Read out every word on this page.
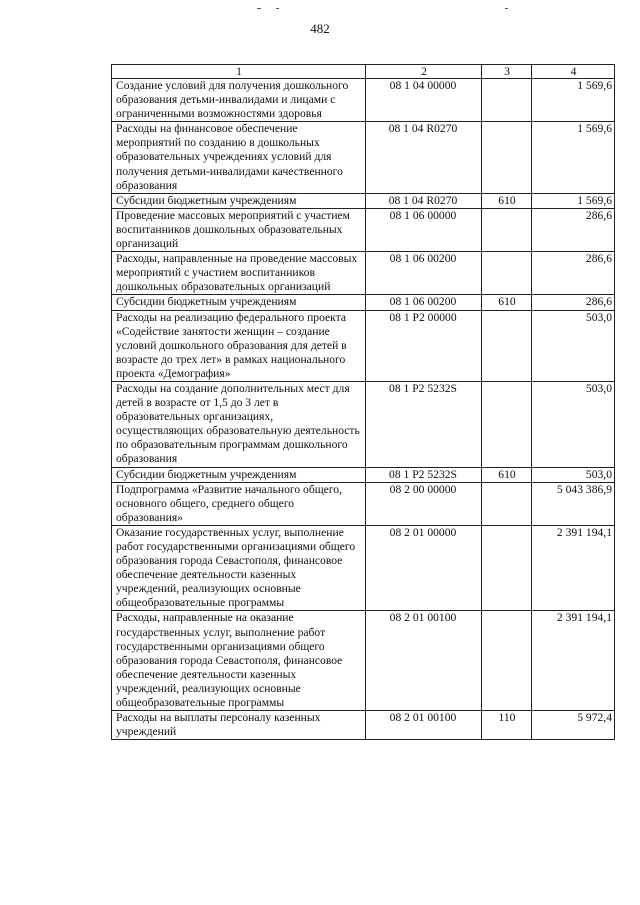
482
1	2	3	4
Создание условий для получения дошкольного образования детьми-инвалидами и лицами с ограниченными возможностями здоровья	08 1 04 00000		1 569,6
Расходы на финансовое обеспечение мероприятий по созданию в дошкольных образовательных учреждениях условий для получения детьми-инвалидами качественного образования	08 1 04 R0270		1 569,6
Субсидии бюджетным учреждениям	08 1 04 R0270	610	1 569,6
Проведение массовых мероприятий с участием воспитанников дошкольных образовательных организаций	08 1 06 00000		286,6
Расходы, направленные на проведение массовых мероприятий с участием воспитанников дошкольных образовательных организаций	08 1 06 00200		286,6
Субсидии бюджетным учреждениям	08 1 06 00200	610	286,6
Расходы на реализацию федерального проекта «Содействие занятости женщин – создание условий дошкольного образования для детей в возрасте до трех лет» в рамках национального проекта «Демография»	08 1 P2 00000		503,0
Расходы на создание дополнительных мест для детей в возрасте от 1,5 до 3 лет в образовательных организациях, осуществляющих образовательную деятельность по образовательным программам дошкольного образования	08 1 P2 5232S		503,0
Субсидии бюджетным учреждениям	08 1 P2 5232S	610	503,0
Подпрограмма «Развитие начального общего, основного общего, среднего общего образования»	08 2 00 00000		5 043 386,9
Оказание государственных услуг, выполнение работ государственными организациями общего образования города Севастополя, финансовое обеспечение деятельности казенных учреждений, реализующих основные общеобразовательные программы	08 2 01 00000		2 391 194,1
Расходы, направленные на оказание государственных услуг, выполнение работ государственными организациями общего образования города Севастополя, финансовое обеспечение деятельности казенных учреждений, реализующих основные общеобразовательные программы	08 2 01 00100		2 391 194,1
Расходы на выплаты персоналу казенных учреждений	08 2 01 00100	110	5 972,4
